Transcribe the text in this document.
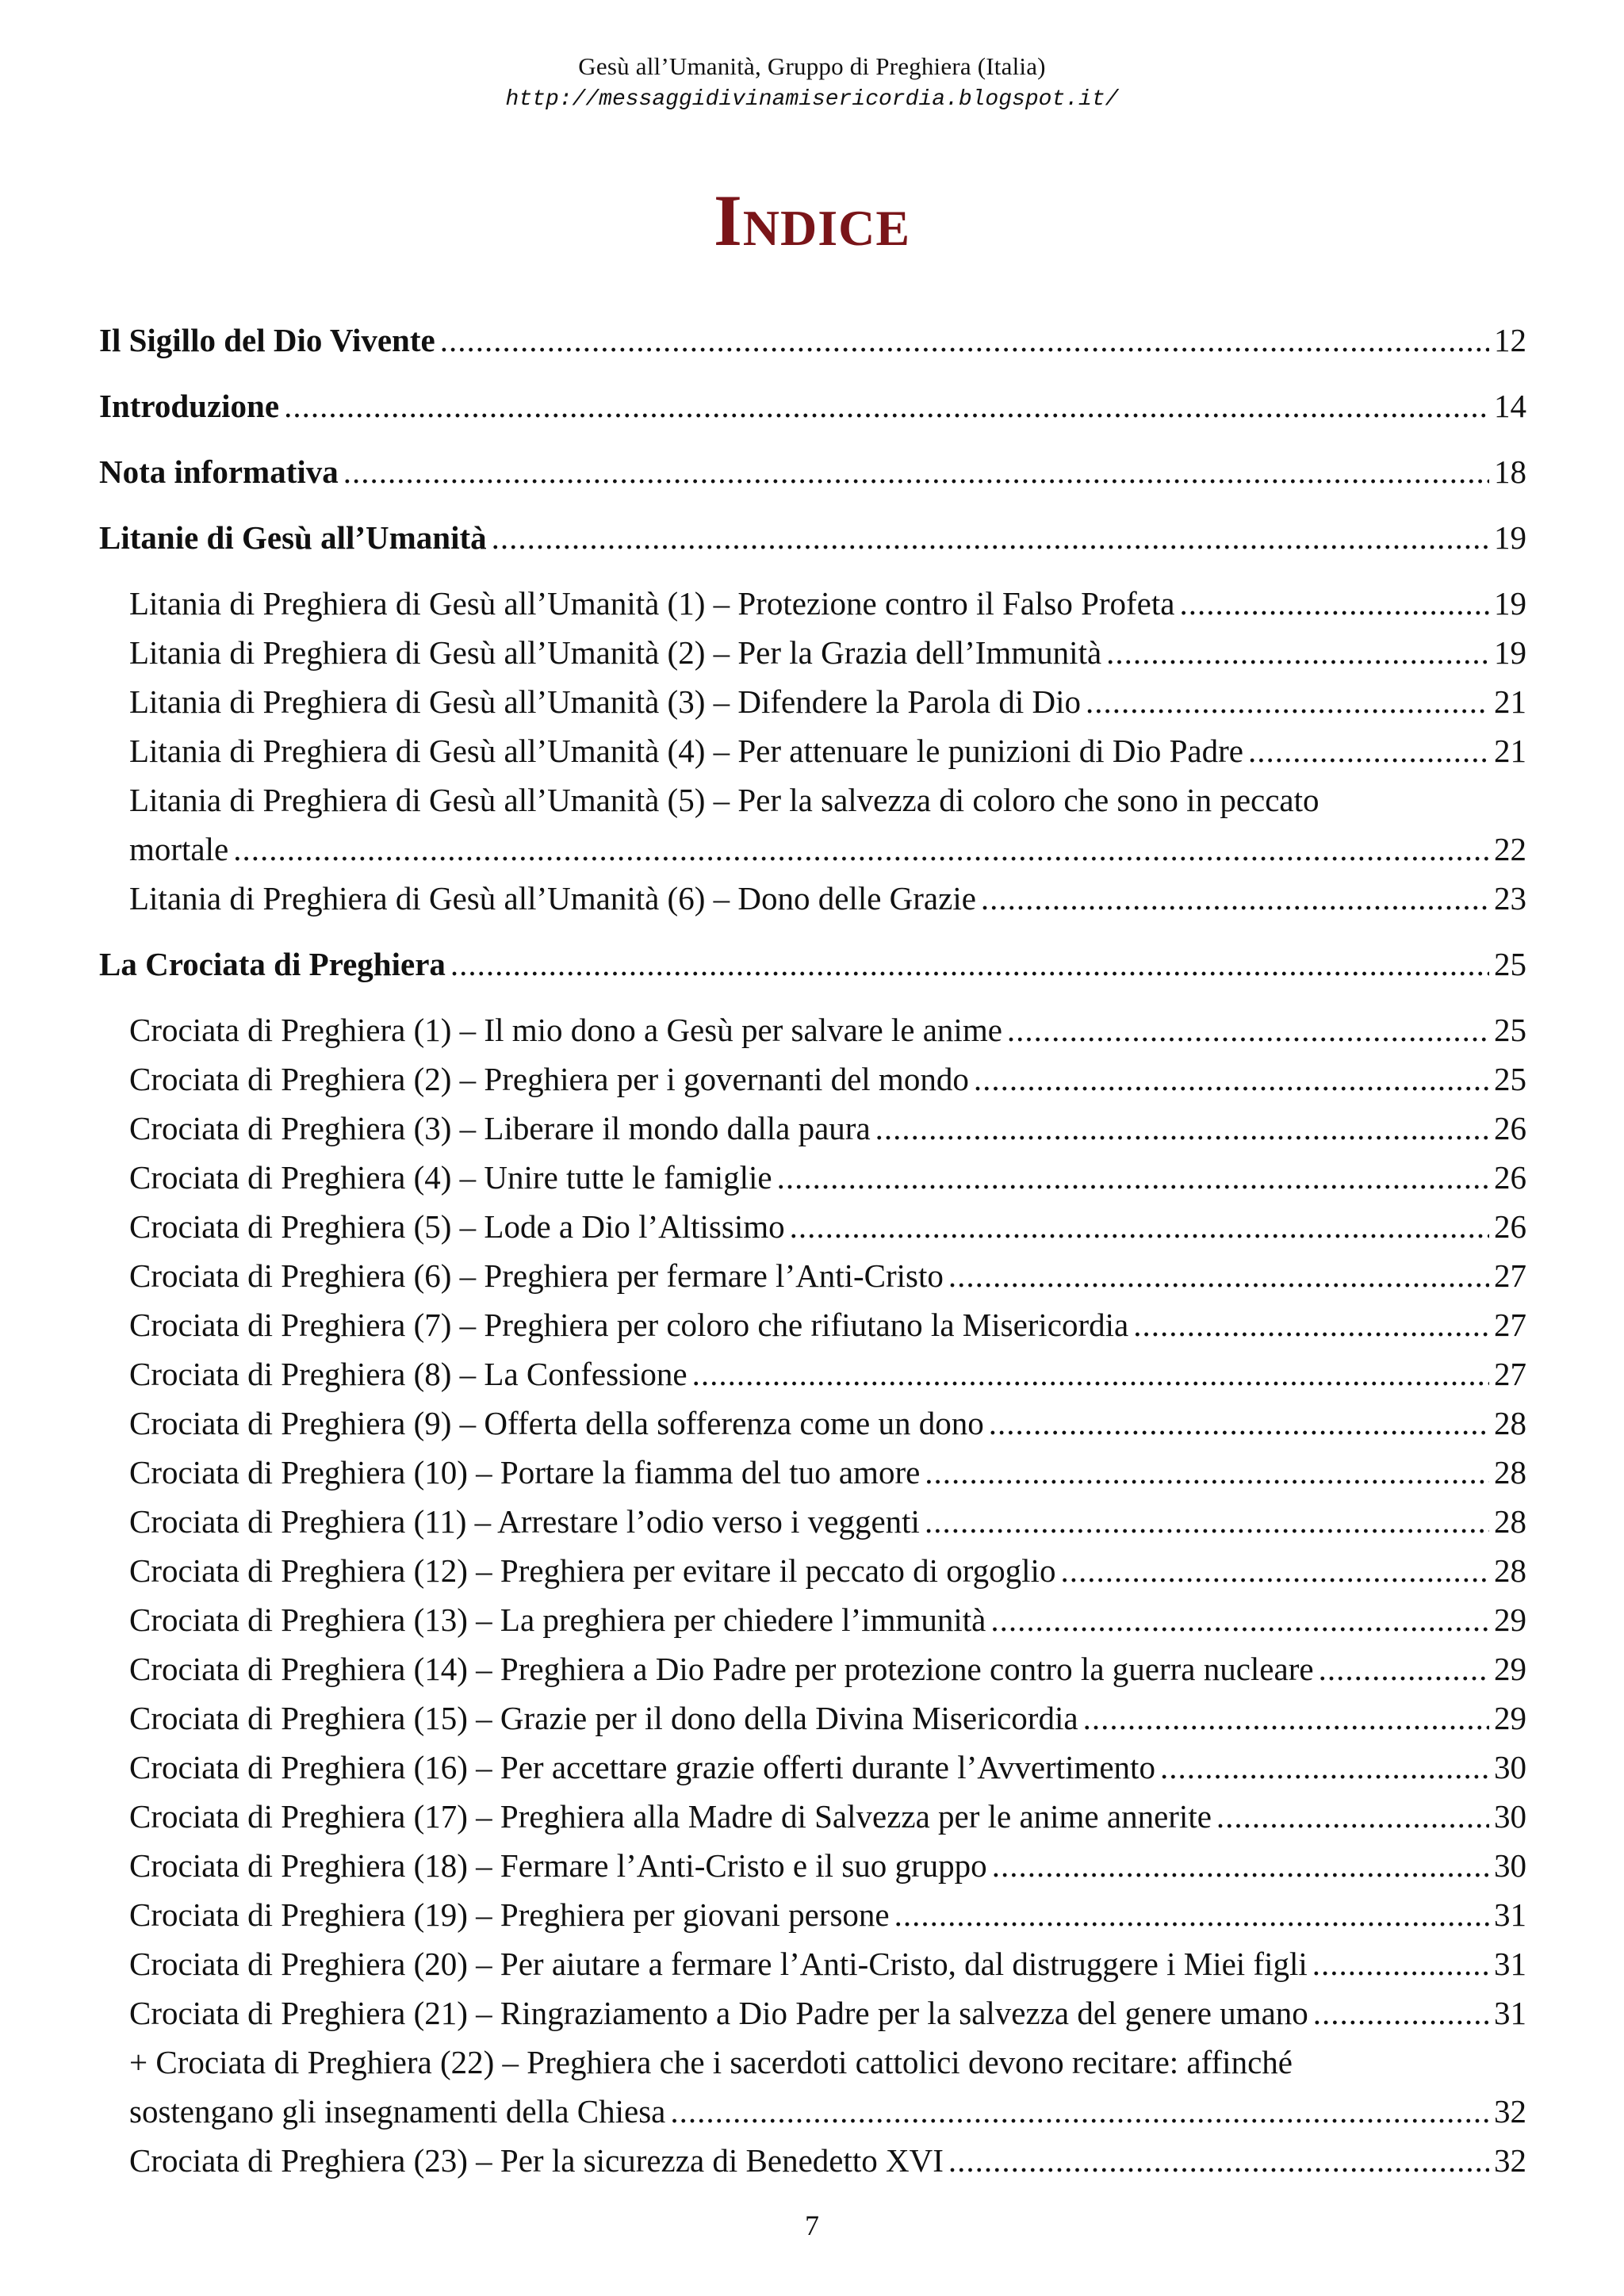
Gesù all’Umanità, Gruppo di Preghiera (Italia)
http://messaggidivinamisericordia.blogspot.it/
Indice
Il Sigillo del Dio Vivente .....	12
Introduzione .....	14
Nota informativa .....	18
Litanie di Gesù all’Umanità .....	19
Litania di Preghiera di Gesù all’Umanità (1) – Protezione contro il Falso Profeta .....	19
Litania di Preghiera di Gesù all’Umanità (2) – Per la Grazia dell’Immunità .....	19
Litania di Preghiera di Gesù all’Umanità (3) – Difendere la Parola di Dio .....	21
Litania di Preghiera di Gesù all’Umanità (4) – Per attenuare le punizioni di Dio Padre .....	21
Litania di Preghiera di Gesù all’Umanità (5) – Per la salvezza di coloro che sono in peccato
mortale .....	22
Litania di Preghiera di Gesù all’Umanità (6) – Dono delle Grazie .....	23
La Crociata di Preghiera .....	25
Crociata di Preghiera (1) – Il mio dono a Gesù per salvare le anime .....	25
Crociata di Preghiera (2) – Preghiera per i governanti del mondo .....	25
Crociata di Preghiera (3) – Liberare il mondo dalla paura .....	26
Crociata di Preghiera (4) – Unire tutte le famiglie .....	26
Crociata di Preghiera (5) – Lode a Dio l’Altissimo .....	26
Crociata di Preghiera (6) – Preghiera per fermare l’Anti-Cristo .....	27
Crociata di Preghiera (7) – Preghiera per coloro che rifiutano la Misericordia .....	27
Crociata di Preghiera (8) – La Confessione .....	27
Crociata di Preghiera (9) – Offerta della sofferenza come un dono .....	28
Crociata di Preghiera (10) – Portare la fiamma del tuo amore .....	28
Crociata di Preghiera (11) – Arrestare l’odio verso i veggenti .....	28
Crociata di Preghiera (12) – Preghiera per evitare il peccato di orgoglio .....	28
Crociata di Preghiera (13) – La preghiera per chiedere l’immunità .....	29
Crociata di Preghiera (14) – Preghiera a Dio Padre per protezione contro la guerra nucleare .....	29
Crociata di Preghiera (15) – Grazie per il dono della Divina Misericordia .....	29
Crociata di Preghiera (16) – Per accettare grazie offerti durante l’Avvertimento .....	30
Crociata di Preghiera (17) – Preghiera alla Madre di Salvezza per le anime annerite .....	30
Crociata di Preghiera (18) – Fermare l’Anti-Cristo e il suo gruppo .....	30
Crociata di Preghiera (19) – Preghiera per giovani persone .....	31
Crociata di Preghiera (20) – Per aiutare a fermare l’Anti-Cristo, dal distruggere i Miei figli .....	31
Crociata di Preghiera (21) – Ringraziamento a Dio Padre per la salvezza del genere umano .....	31
+ Crociata di Preghiera (22) – Preghiera che i sacerdoti cattolici devono recitare: affinché
sostengano gli insegnamenti della Chiesa .....	32
Crociata di Preghiera (23) – Per la sicurezza di Benedetto XVI .....	32
7
